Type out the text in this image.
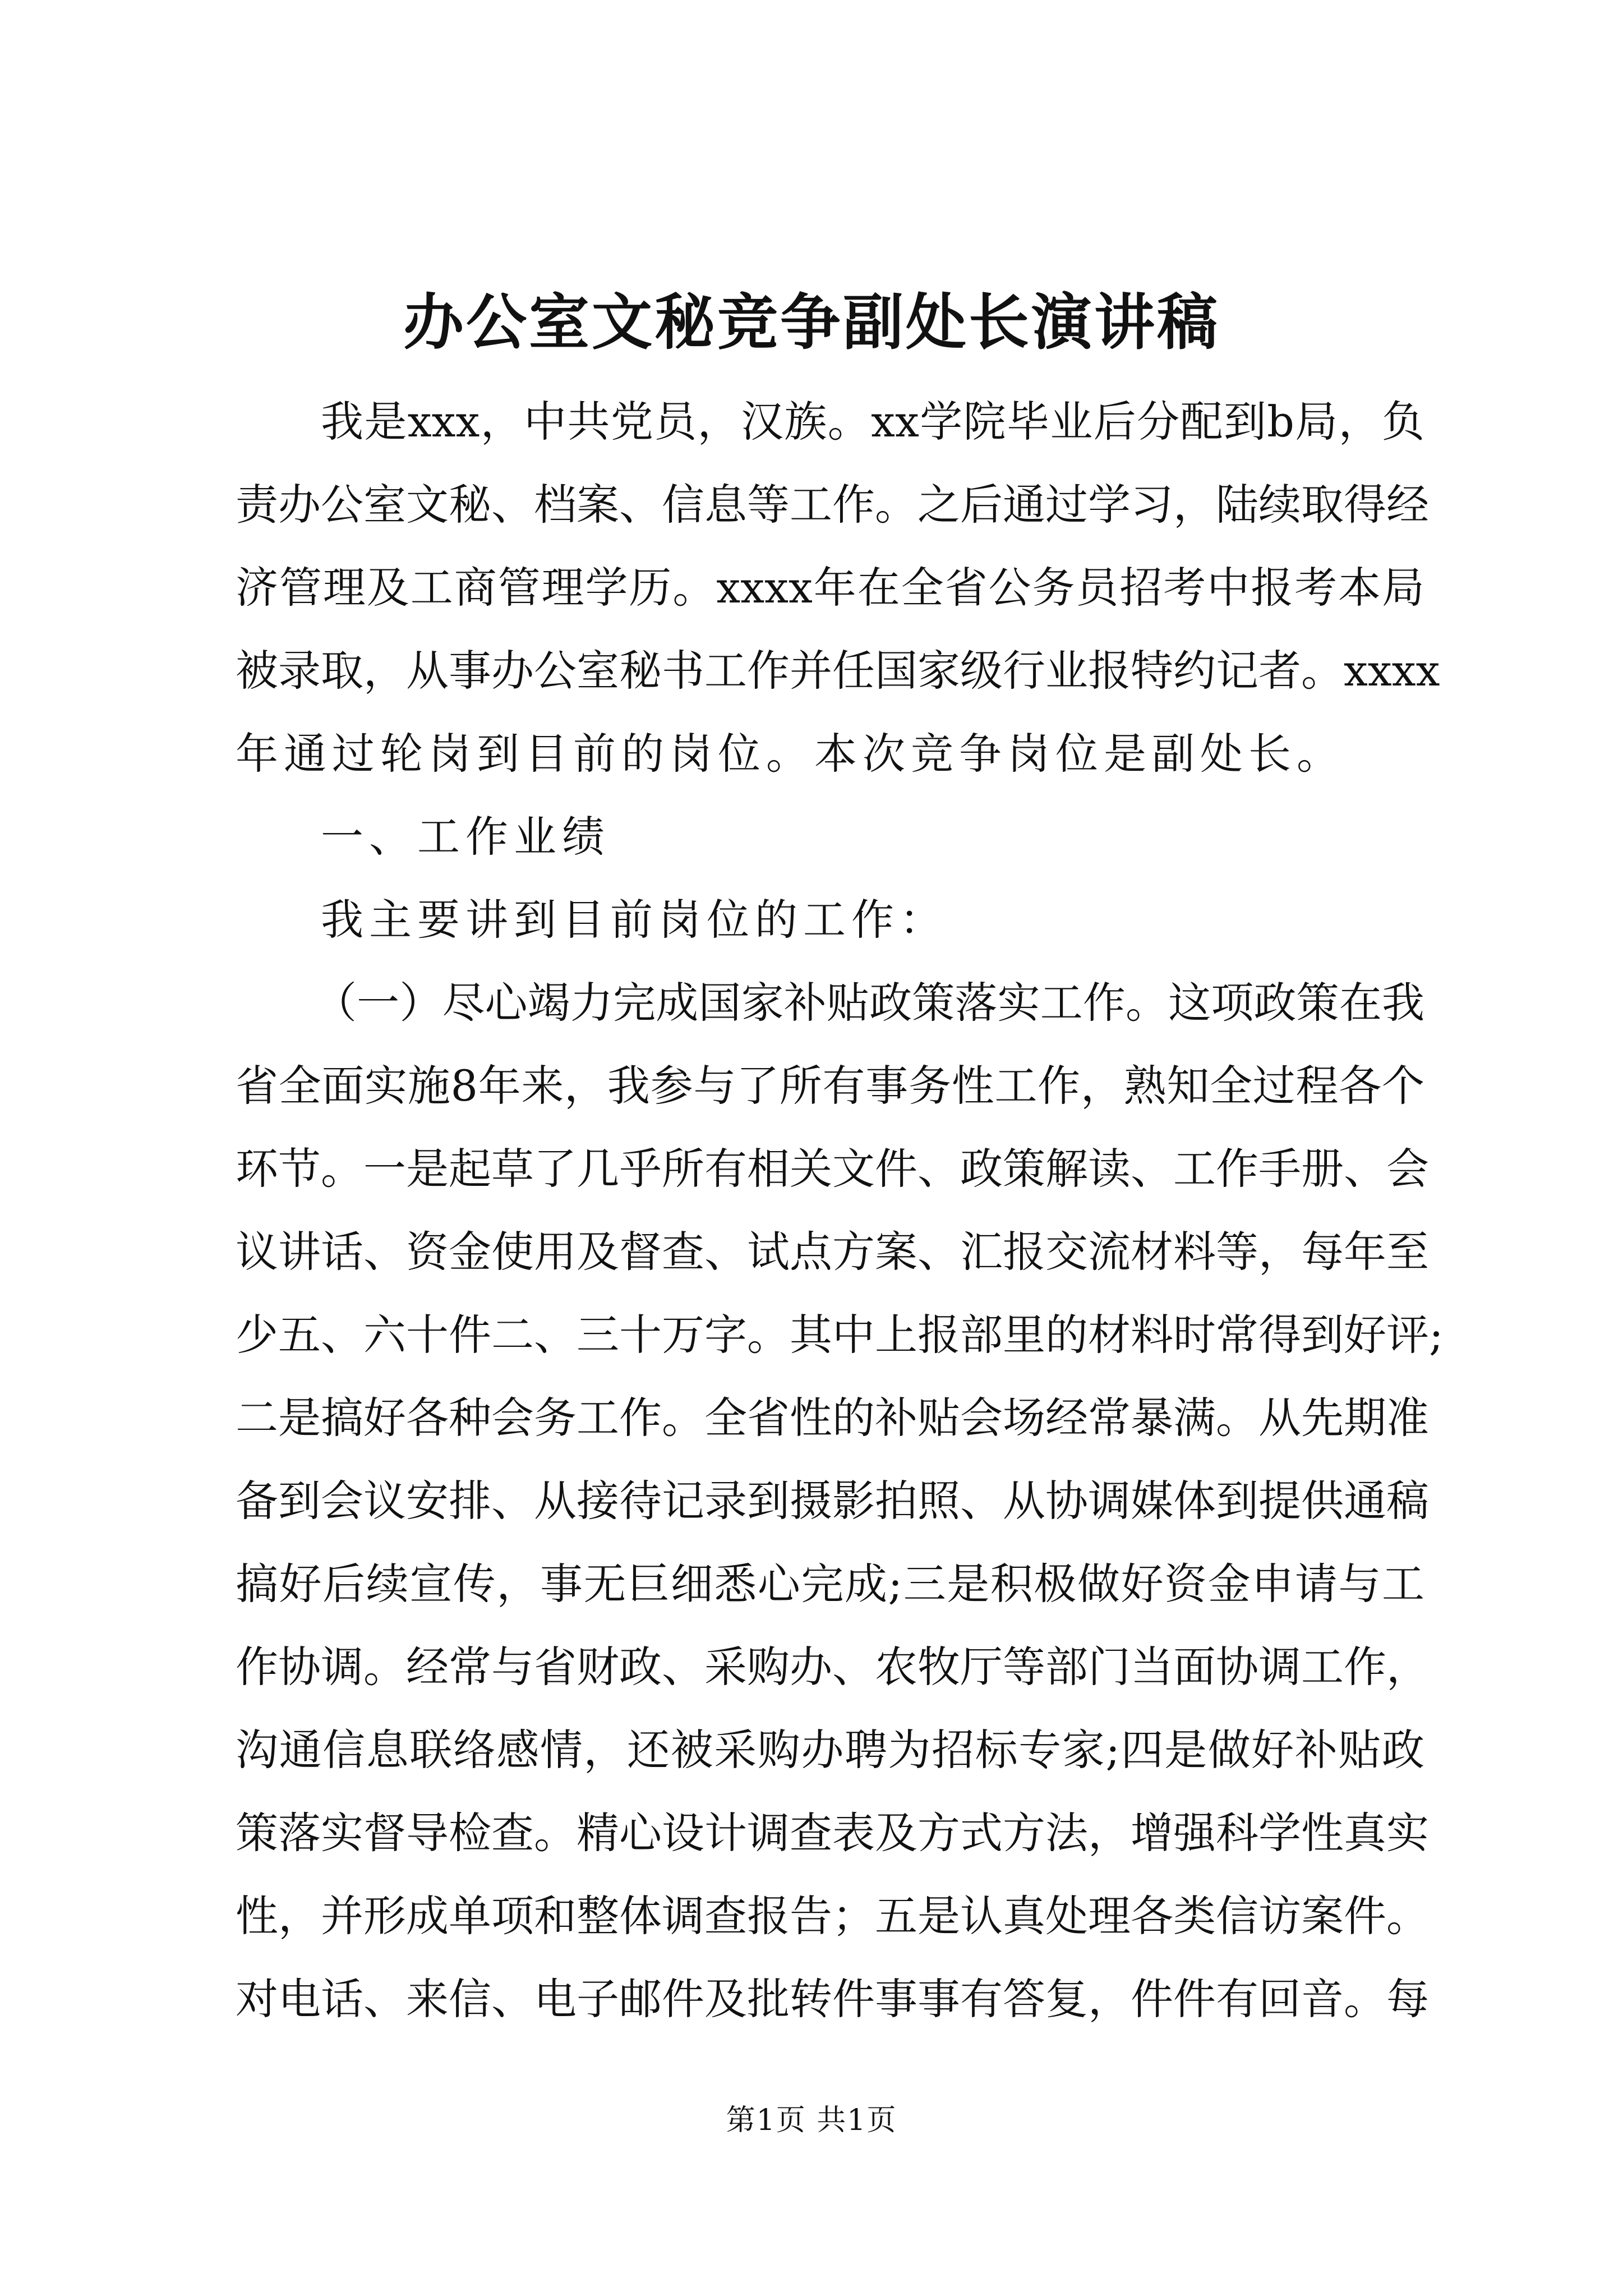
办公室文秘竞争副处长演讲稿
我是xxx，中共党员，汉族。xx学院毕业后分配到b局，负
责办公室文秘、档案、信息等工作。之后通过学习，陆续取得经
济管理及工商管理学历。xxxx年在全省公务员招考中报考本局
被录取，从事办公室秘书工作并任国家级行业报特约记者。xxxx
年通过轮岗到目前的岗位。本次竞争岗位是副处长。
一、工作业绩
我主要讲到目前岗位的工作：
（一）尽心竭力完成国家补贴政策落实工作。这项政策在我
省全面实施8年来，我参与了所有事务性工作，熟知全过程各个
环节。一是起草了几乎所有相关文件、政策解读、工作手册、会
议讲话、资金使用及督查、试点方案、汇报交流材料等，每年至
少五、六十件二、三十万字。其中上报部里的材料时常得到好评;
二是搞好各种会务工作。全省性的补贴会场经常暴满。从先期准
备到会议安排、从接待记录到摄影拍照、从协调媒体到提供通稿
搞好后续宣传，事无巨细悉心完成;三是积极做好资金申请与工
作协调。经常与省财政、采购办、农牧厅等部门当面协调工作，
沟通信息联络感情，还被采购办聘为招标专家;四是做好补贴政
策落实督导检查。精心设计调查表及方式方法，增强科学性真实
性，并形成单项和整体调查报告；五是认真处理各类信访案件。
对电话、来信、电子邮件及批转件事事有答复，件件有回音。每
第1页 共1页
